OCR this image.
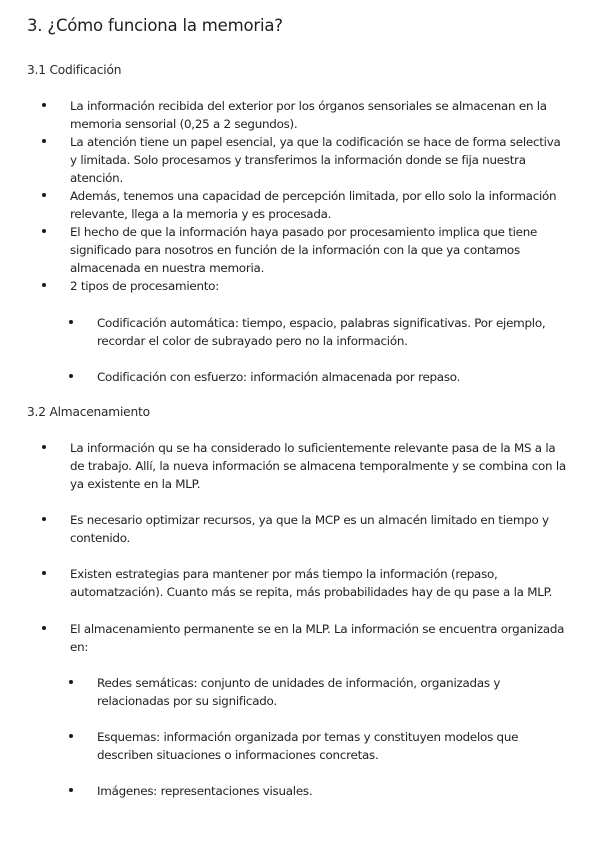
3. ¿Cómo funciona la memoria?
3.1 Codificación

La información recibida del exterior por los órganos sensoriales se almacenan en la memoria sensorial (0,25 a 2 segundos).

La atención tiene un papel esencial, ya que la codificación se hace de forma selectiva y limitada. Solo procesamos y transferimos la información donde se fija nuestra atención.

Además, tenemos una capacidad de percepción limitada, por ello solo la información relevante, llega a la memoria y es procesada.

El hecho de que la información haya pasado por procesamiento implica que tiene significado para nosotros en función de la información con la que ya contamos almacenada en nuestra memoria.

2 tipos de procesamiento:

Codificación automática: tiempo, espacio, palabras significativas. Por ejemplo, recordar el color de subrayado pero no la información.

Codificación con esfuerzo: información almacenada por repaso.

3.2 Almacenamiento

La información qu se ha considerado lo suficientemente relevante pasa de la MS a la de trabajo. Allí, la nueva información se almacena temporalmente y se combina con la ya existente en la MLP.

Es necesario optimizar recursos, ya que la MCP es un almacén limitado en tiempo y contenido.

Existen estrategias para mantener por más tiempo la información (repaso, automatzación). Cuanto más se repita, más probabilidades hay de qu pase a la MLP.

El almacenamiento permanente se en la MLP. La información se encuentra organizada en:

Redes semáticas: conjunto de unidades de información, organizadas y relacionadas por su significado.

Esquemas: información organizada por temas y constituyen modelos que describen situaciones o informaciones concretas.

Imágenes: representaciones visuales.
